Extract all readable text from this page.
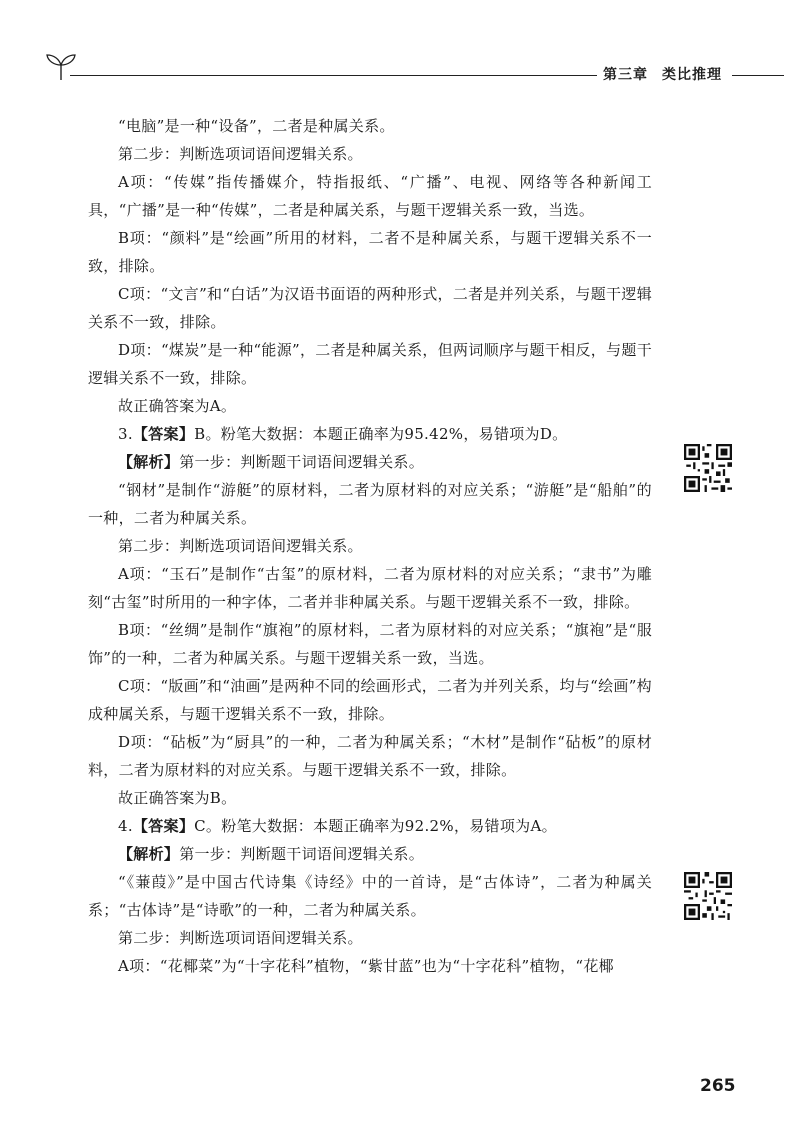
第三章 类比推理

“电脑”是一种“设备”，二者是种属关系。

第二步：判断选项词语间逻辑关系。

A项：“传媒”指传播媒介，特指报纸、“广播”、电视、网络等各种新闻工具，“广播”是一种“传媒”，二者是种属关系，与题干逻辑关系一致，当选。

B项：“颜料”是“绘画”所用的材料，二者不是种属关系，与题干逻辑关系不一致，排除。

C项：“文言”和“白话”为汉语书面语的两种形式，二者是并列关系，与题干逻辑关系不一致，排除。

D项：“煤炭”是一种“能源”，二者是种属关系，但两词顺序与题干相反，与题干逻辑关系不一致，排除。

故正确答案为A。

3.【答案】B。粉笔大数据：本题正确率为95.42%，易错项为D。

【解析】第一步：判断题干词语间逻辑关系。

“钢材”是制作“游艇”的原材料，二者为原材料的对应关系；“游艇”是“船舶”的一种，二者为种属关系。

第二步：判断选项词语间逻辑关系。

A项：“玉石”是制作“古玺”的原材料，二者为原材料的对应关系；“隶书”为雕刻“古玺”时所用的一种字体，二者并非种属关系。与题干逻辑关系不一致，排除。

B项：“丝绸”是制作“旗袍”的原材料，二者为原材料的对应关系；“旗袍”是“服饰”的一种，二者为种属关系。与题干逻辑关系一致，当选。

C项：“版画”和“油画”是两种不同的绘画形式，二者为并列关系，均与“绘画”构成种属关系，与题干逻辑关系不一致，排除。

D项：“砧板”为“厨具”的一种，二者为种属关系；“木材”是制作“砧板”的原材料，二者为原材料的对应关系。与题干逻辑关系不一致，排除。

故正确答案为B。

4.【答案】C。粉笔大数据：本题正确率为92.2%，易错项为A。

【解析】第一步：判断题干词语间逻辑关系。

“《蒹葭》”是中国古代诗集《诗经》中的一首诗，是“古体诗”，二者为种属关系；“古体诗”是“诗歌”的一种，二者为种属关系。

第二步：判断选项词语间逻辑关系。

A项：“花椰菜”为“十字花科”植物，“紫甘蓝”也为“十字花科”植物，“花椰

265
